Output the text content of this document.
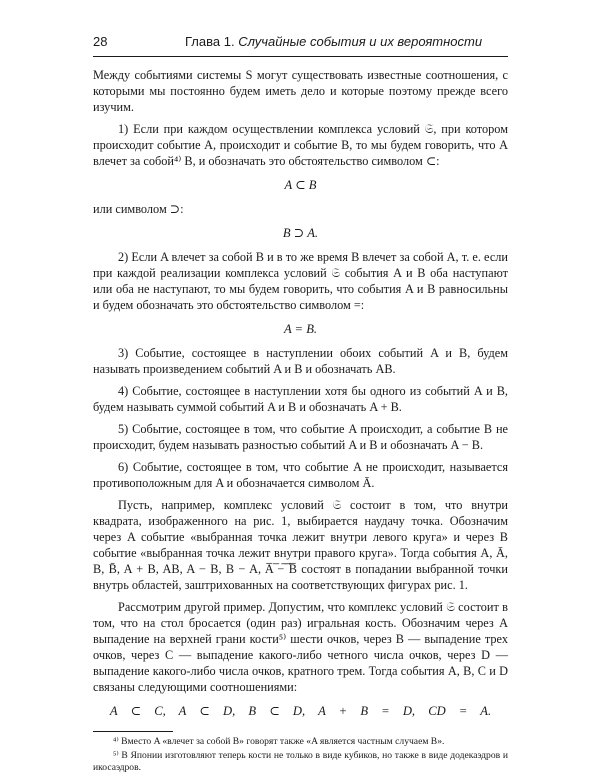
28	Глава 1. Случайные события и их вероятности

Между событиями системы S могут существовать известные соотношения, с которыми мы постоянно будем иметь дело и которые поэтому прежде всего изучим.

1) Если при каждом осуществлении комплекса условий 𝔖, при котором происходит событие A, происходит и событие B, то мы будем говорить, что A влечет за собой⁴⁾ B, и обозначать это обстоятельство символом ⊂:

A ⊂ B

или символом ⊃:

B ⊃ A.

2) Если A влечет за собой B и в то же время B влечет за собой A, т. е. если при каждой реализации комплекса условий 𝔖 события A и B оба наступают или оба не наступают, то мы будем говорить, что события A и B равносильны и будем обозначать это обстоятельство символом =:

A = B.

3) Событие, состоящее в наступлении обоих событий A и B, будем называть произведением событий A и B и обозначать AB.

4) Событие, состоящее в наступлении хотя бы одного из событий A и B, будем называть суммой событий A и B и обозначать A + B.

5) Событие, состоящее в том, что событие A происходит, а событие B не происходит, будем называть разностью событий A и B и обозначать A − B.

6) Событие, состоящее в том, что событие A не происходит, называется противоположным для A и обозначается символом Ā.

Пусть, например, комплекс условий 𝔖 состоит в том, что внутри квадрата, изображенного на рис. 1, выбирается наудачу точка. Обозначим через A событие «выбранная точка лежит внутри левого круга» и через B событие «выбранная точка лежит внутри правого круга». Тогда события A, Ā, B, B̄, A + B, AB, A − B, B − A, A̅ ̅−̅ ̅B̅ состоят в попадании выбранной точки внутрь областей, заштрихованных на соответствующих фигурах рис. 1.

Рассмотрим другой пример. Допустим, что комплекс условий 𝔖 состоит в том, что на стол бросается (один раз) игральная кость. Обозначим через A выпадение на верхней грани кости⁵⁾ шести очков, через B — выпадение трех очков, через C — выпадение какого-либо четного числа очков, через D — выпадение какого-либо числа очков, кратного трем. Тогда события A, B, C и D связаны следующими соотношениями:

A ⊂ C, A ⊂ D, B ⊂ D, A + B = D, CD = A.

⁴⁾ Вместо A «влечет за собой B» говорят также «A является частным случаем B».

⁵⁾ В Японии изготовляют теперь кости не только в виде кубиков, но также в виде додекаэдров и икосаэдров.
